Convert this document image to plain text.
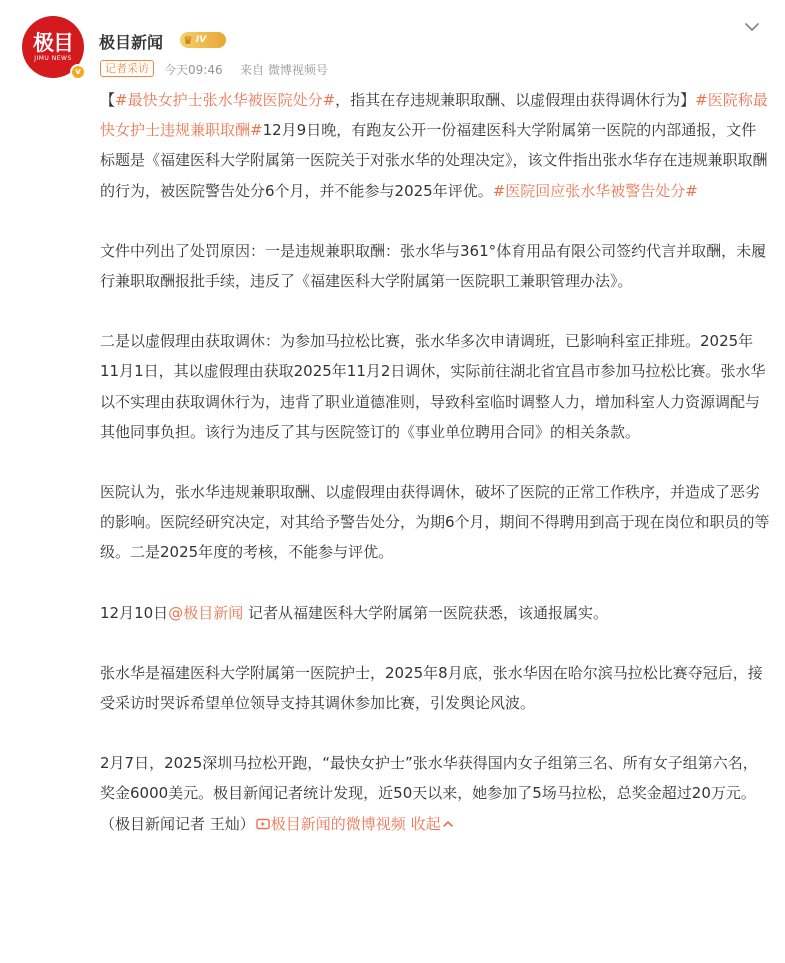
极目
JIMU NEWS
v
极目新闻 ♛ IV
记者采访	今天09:46 来自 微博视频号

【#最快女护士张水华被医院处分#，指其在存违规兼职取酬、以虚假理由获得调休行为】#医院称最快女护士违规兼职取酬#12月9日晚，有跑友公开一份福建医科大学附属第一医院的内部通报，文件标题是《福建医科大学附属第一医院关于对张水华的处理决定》，该文件指出张水华存在违规兼职取酬的行为，被医院警告处分6个月，并不能参与2025年评优。#医院回应张水华被警告处分#

文件中列出了处罚原因：一是违规兼职取酬：张水华与361°体育用品有限公司签约代言并取酬，未履行兼职取酬报批手续，违反了《福建医科大学附属第一医院职工兼职管理办法》。

二是以虚假理由获取调休：为参加马拉松比赛，张水华多次申请调班，已影响科室正排班。2025年11月1日，其以虚假理由获取2025年11月2日调休，实际前往湖北省宜昌市参加马拉松比赛。张水华以不实理由获取调休行为，违背了职业道德准则，导致科室临时调整人力，增加科室人力资源调配与其他同事负担。该行为违反了其与医院签订的《事业单位聘用合同》的相关条款。

医院认为，张水华违规兼职取酬、以虚假理由获得调休，破坏了医院的正常工作秩序，并造成了恶劣的影响。医院经研究决定，对其给予警告处分，为期6个月，期间不得聘用到高于现在岗位和职员的等级。二是2025年度的考核，不能参与评优。

12月10日@极目新闻 记者从福建医科大学附属第一医院获悉，该通报属实。

张水华是福建医科大学附属第一医院护士，2025年8月底，张水华因在哈尔滨马拉松比赛夺冠后，接受采访时哭诉希望单位领导支持其调休参加比赛，引发舆论风波。

2月7日，2025深圳马拉松开跑，“最快女护士”张水华获得国内女子组第三名、所有女子组第六名，奖金6000美元。极目新闻记者统计发现，近50天以来，她参加了5场马拉松，总奖金超过20万元。（极目新闻记者 王灿） 极目新闻的微博视频 收起
